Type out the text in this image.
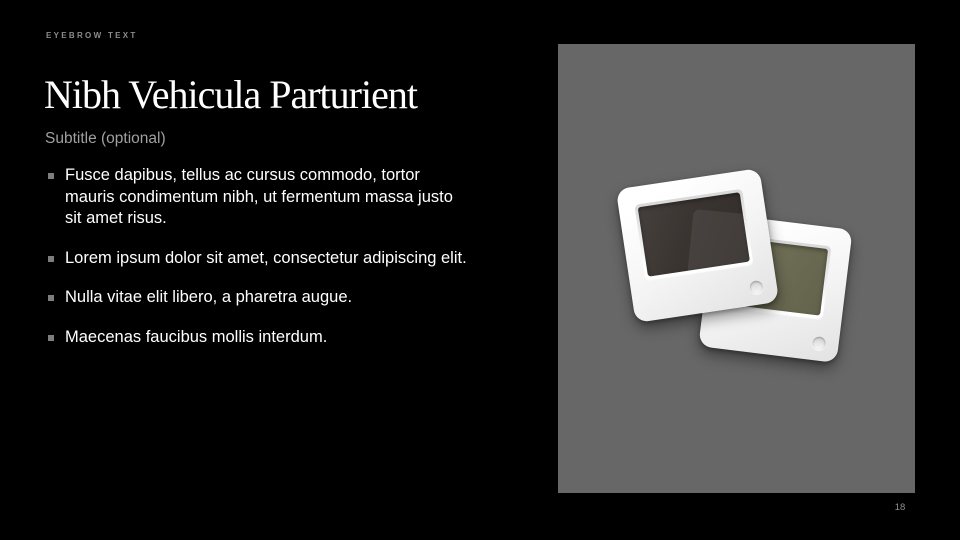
EYEBROW TEXT
Nibh Vehicula Parturient
Subtitle (optional)
Fusce dapibus, tellus ac cursus commodo, tortor mauris condimentum nibh, ut fermentum massa justo sit amet risus.
Lorem ipsum dolor sit amet, consectetur adipiscing elit.
Nulla vitae elit libero, a pharetra augue.
Maecenas faucibus mollis interdum.
18
